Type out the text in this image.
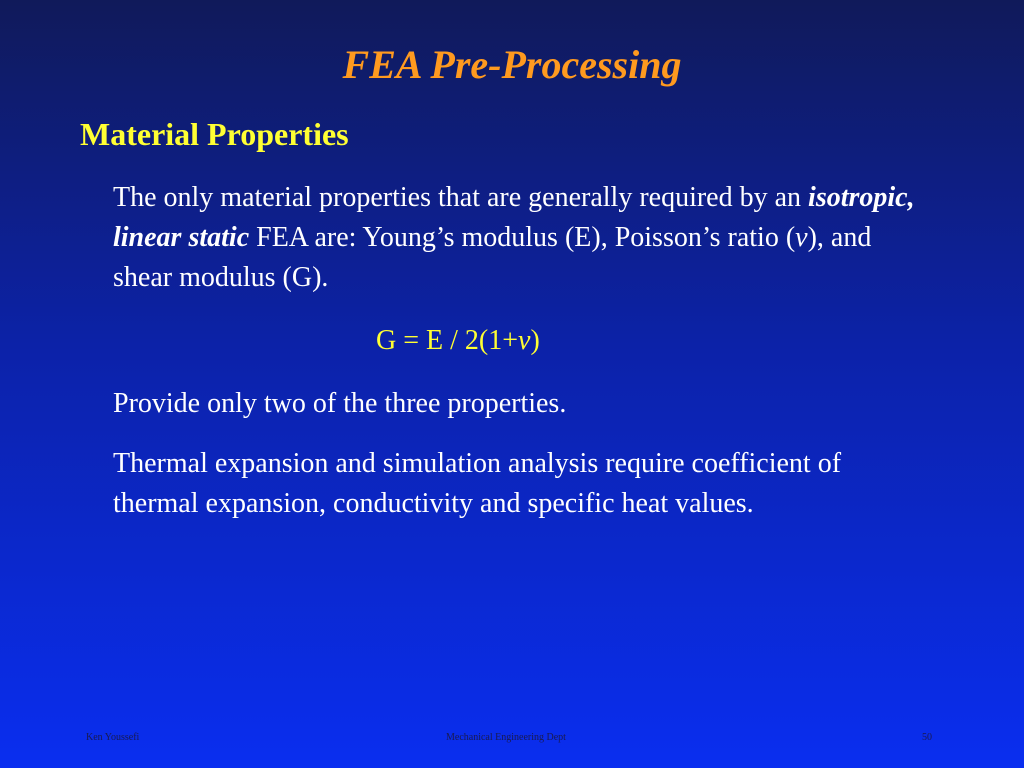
FEA Pre-Processing
Material Properties
The only material properties that are generally required by an isotropic, linear static FEA are: Young’s modulus (E), Poisson’s ratio (v), and shear modulus (G).
G = E / 2(1+v)
Provide only two of the three properties.
Thermal expansion and simulation analysis require coefficient of thermal expansion, conductivity and specific heat values.
Ken Youssefi	Mechanical Engineering Dept	50
